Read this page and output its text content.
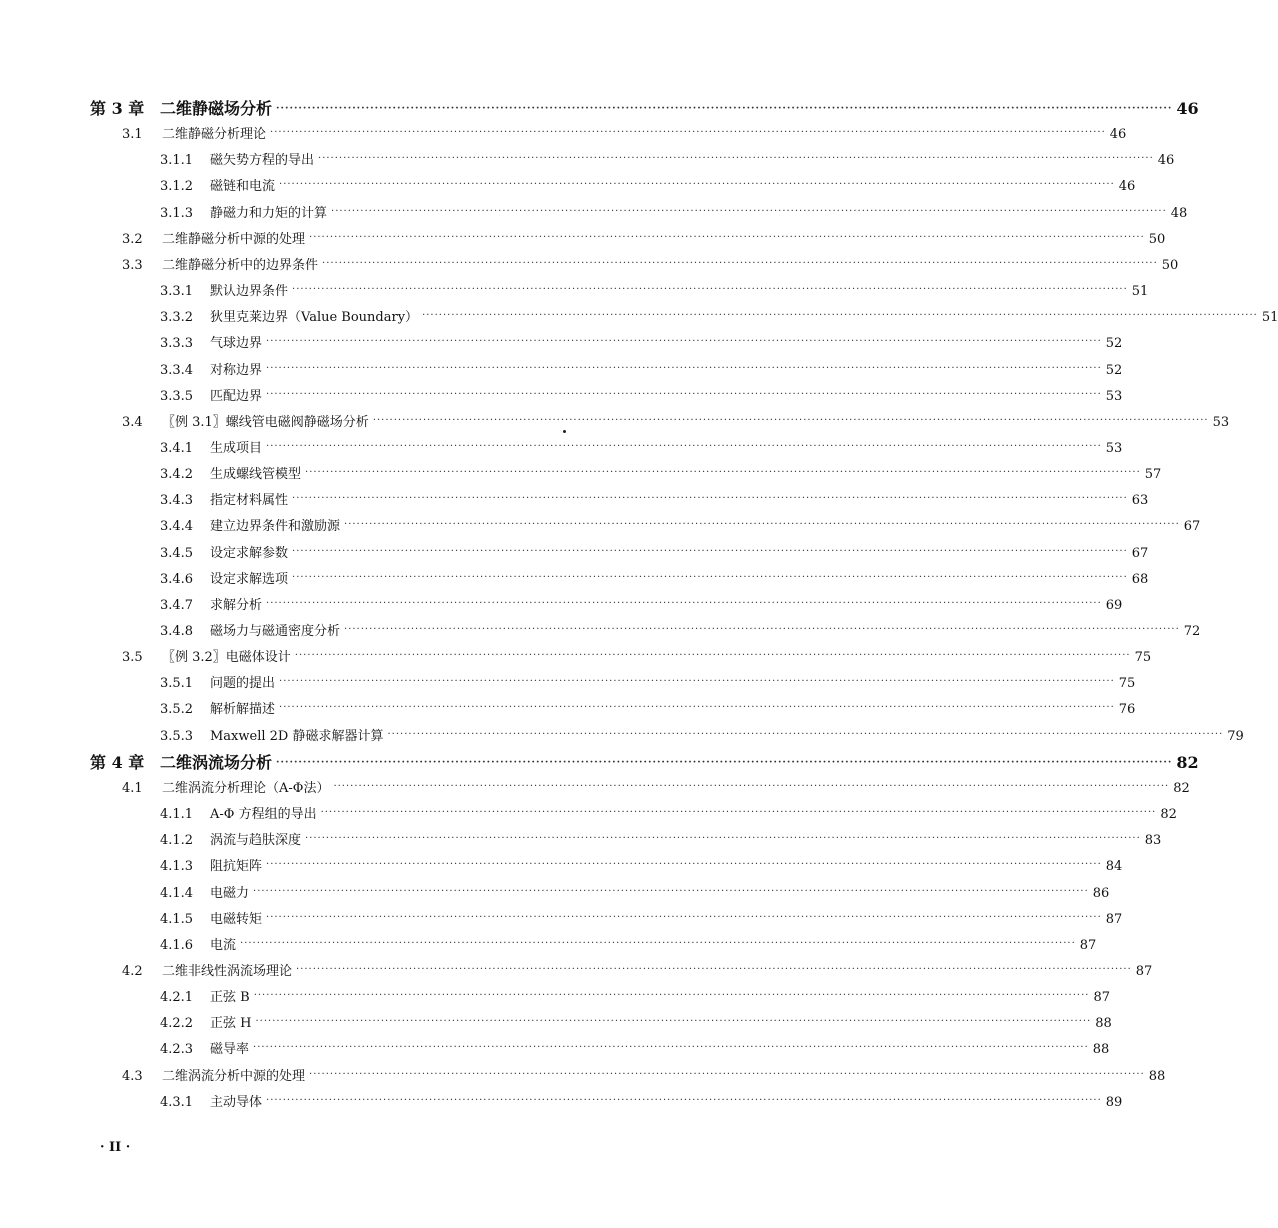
第 3 章 二维静磁场分析 ········································································································································································································ 46
3.1	二维静磁分析理论 ········································································································································································································ 46
3.1.1	磁矢势方程的导出 ········································································································································································································ 46
3.1.2	磁链和电流 ········································································································································································································ 46
3.1.3	静磁力和力矩的计算 ········································································································································································································ 48
3.2	二维静磁分析中源的处理 ········································································································································································································ 50
3.3	二维静磁分析中的边界条件 ········································································································································································································ 50
3.3.1	默认边界条件 ········································································································································································································ 51
3.3.2	狄里克莱边界（Value Boundary） ········································································································································································································ 51
3.3.3	气球边界 ········································································································································································································ 52
3.3.4	对称边界 ········································································································································································································ 52
3.3.5	匹配边界 ········································································································································································································ 53
3.4	〖例 3.1〗螺线管电磁阀静磁场分析 ········································································································································································································ 53
3.4.1	生成项目 ········································································································································································································ 53
3.4.2	生成螺线管模型 ········································································································································································································ 57
3.4.3	指定材料属性 ········································································································································································································ 63
3.4.4	建立边界条件和激励源 ········································································································································································································ 67
3.4.5	设定求解参数 ········································································································································································································ 67
3.4.6	设定求解选项 ········································································································································································································ 68
3.4.7	求解分析 ········································································································································································································ 69
3.4.8	磁场力与磁通密度分析 ········································································································································································································ 72
3.5	〖例 3.2〗电磁体设计 ········································································································································································································ 75
3.5.1	问题的提出 ········································································································································································································ 75
3.5.2	解析解描述 ········································································································································································································ 76
3.5.3	Maxwell 2D 静磁求解器计算 ········································································································································································································ 79
第 4 章 二维涡流场分析 ········································································································································································································ 82
4.1	二维涡流分析理论（A-Φ法） ········································································································································································································ 82
4.1.1	A-Φ 方程组的导出 ········································································································································································································ 82
4.1.2	涡流与趋肤深度 ········································································································································································································ 83
4.1.3	阻抗矩阵 ········································································································································································································ 84
4.1.4	电磁力 ········································································································································································································ 86
4.1.5	电磁转矩 ········································································································································································································ 87
4.1.6	电流 ········································································································································································································ 87
4.2	二维非线性涡流场理论 ········································································································································································································ 87
4.2.1	正弦 B ········································································································································································································ 87
4.2.2	正弦 H ········································································································································································································ 88
4.2.3	磁导率 ········································································································································································································ 88
4.3	二维涡流分析中源的处理 ········································································································································································································ 88
4.3.1	主动导体 ········································································································································································································ 89
· II ·
